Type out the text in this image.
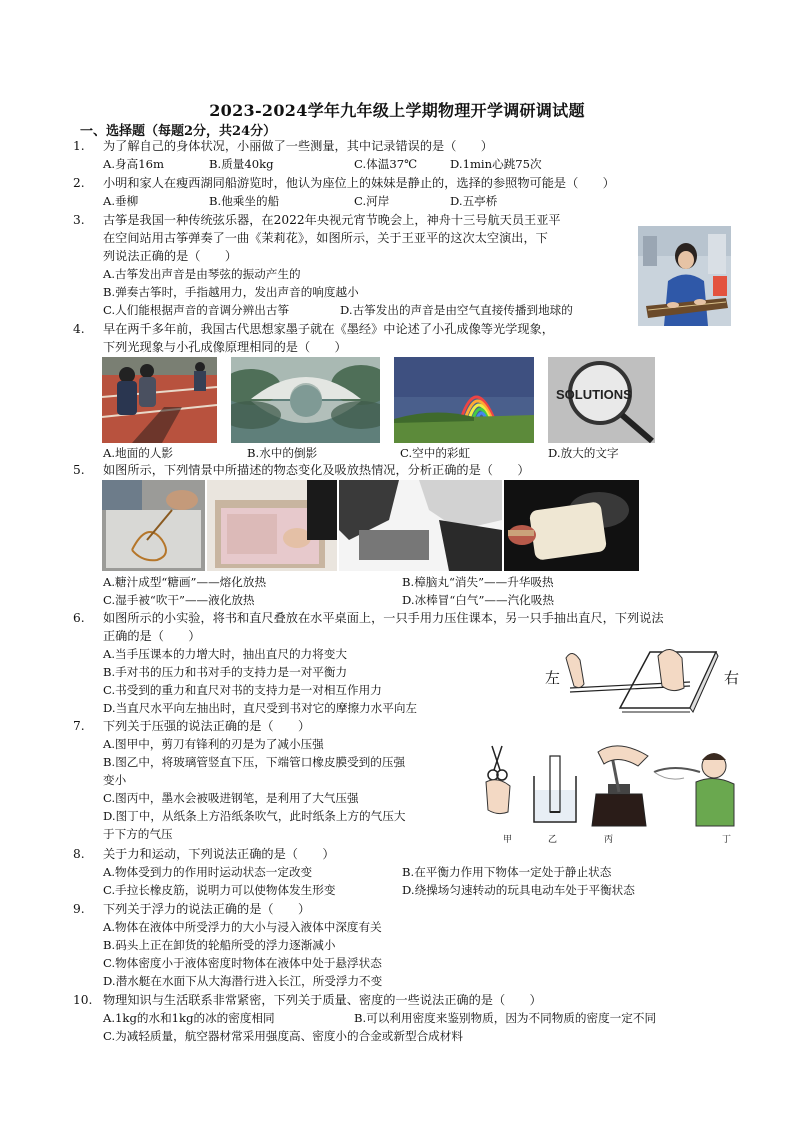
2023-2024学年九年级上学期物理开学调研调试题
一、选择题（每题2分，共24分）
1. 为了解自己的身体状况，小丽做了一些测量，其中记录错误的是（　　）
A.身高16m	B.质量40kg	C.体温37℃	D.1min心跳75次
2. 小明和家人在瘦西湖同船游览时，他认为座位上的妹妹是静止的，选择的参照物可能是（　　）
A.垂柳	B.他乘坐的船	C.河岸	D.五亭桥
3. 古筝是我国一种传统弦乐器，在2022年央视元宵节晚会上，神舟十三号航天员王亚平
在空间站用古筝弹奏了一曲《茉莉花》，如图所示，关于王亚平的这次太空演出，下
列说法正确的是（　　）
A.古筝发出声音是由琴弦的振动产生的
B.弹奏古筝时，手指越用力，发出声音的响度越小
C.人们能根据声音的音调分辨出古筝	D.古筝发出的声音是由空气直接传播到地球的
4. 早在两千多年前，我国古代思想家墨子就在《墨经》中论述了小孔成像等光学现象，
下列光现象与小孔成像原理相同的是（　　）
SOLUTIONS
A.地面的人影	B.水中的倒影	C.空中的彩虹	D.放大的文字
5. 如图所示，下列情景中所描述的物态变化及吸放热情况，分析正确的是（　　）
A.糖汁成型“糖画”——熔化放热	B.樟脑丸“消失”——升华吸热
C.湿手被“吹干”——液化放热	D.冰棒冒“白气”——汽化吸热
6. 如图所示的小实验，将书和直尺叠放在水平桌面上，一只手用力压住课本，另一只手抽出直尺，下列说法
正确的是（　　）
A.当手压课本的力增大时，抽出直尺的力将变大
B.手对书的压力和书对手的支持力是一对平衡力
C.书受到的重力和直尺对书的支持力是一对相互作用力
D.当直尺水平向左抽出时，直尺受到书对它的摩擦力水平向左
左	右
7. 下列关于压强的说法正确的是（　　）
A.图甲中，剪刀有锋利的刃是为了减小压强
B.图乙中，将玻璃管竖直下压，下端管口橡皮膜受到的压强
变小
C.图丙中，墨水会被吸进钢笔，是利用了大气压强
D.图丁中，从纸条上方沿纸条吹气，此时纸条上方的气压大
于下方的气压	甲	乙	丙	丁
8. 关于力和运动，下列说法正确的是（　　）
A.物体受到力的作用时运动状态一定改变	B.在平衡力作用下物体一定处于静止状态
C.手拉长橡皮筋，说明力可以使物体发生形变	D.绕操场匀速转动的玩具电动车处于平衡状态
9. 下列关于浮力的说法正确的是（　　）
A.物体在液体中所受浮力的大小与浸入液体中深度有关
B.码头上正在卸货的轮船所受的浮力逐渐减小
C.物体密度小于液体密度时物体在液体中处于悬浮状态
D.潜水艇在水面下从大海潜行进入长江，所受浮力不变
10. 物理知识与生活联系非常紧密，下列关于质量、密度的一些说法正确的是（　　）
A.1kg的水和1kg的冰的密度相同	B.可以利用密度来鉴别物质，因为不同物质的密度一定不同
C.为减轻质量，航空器材常采用强度高、密度小的合金或新型合成材料
